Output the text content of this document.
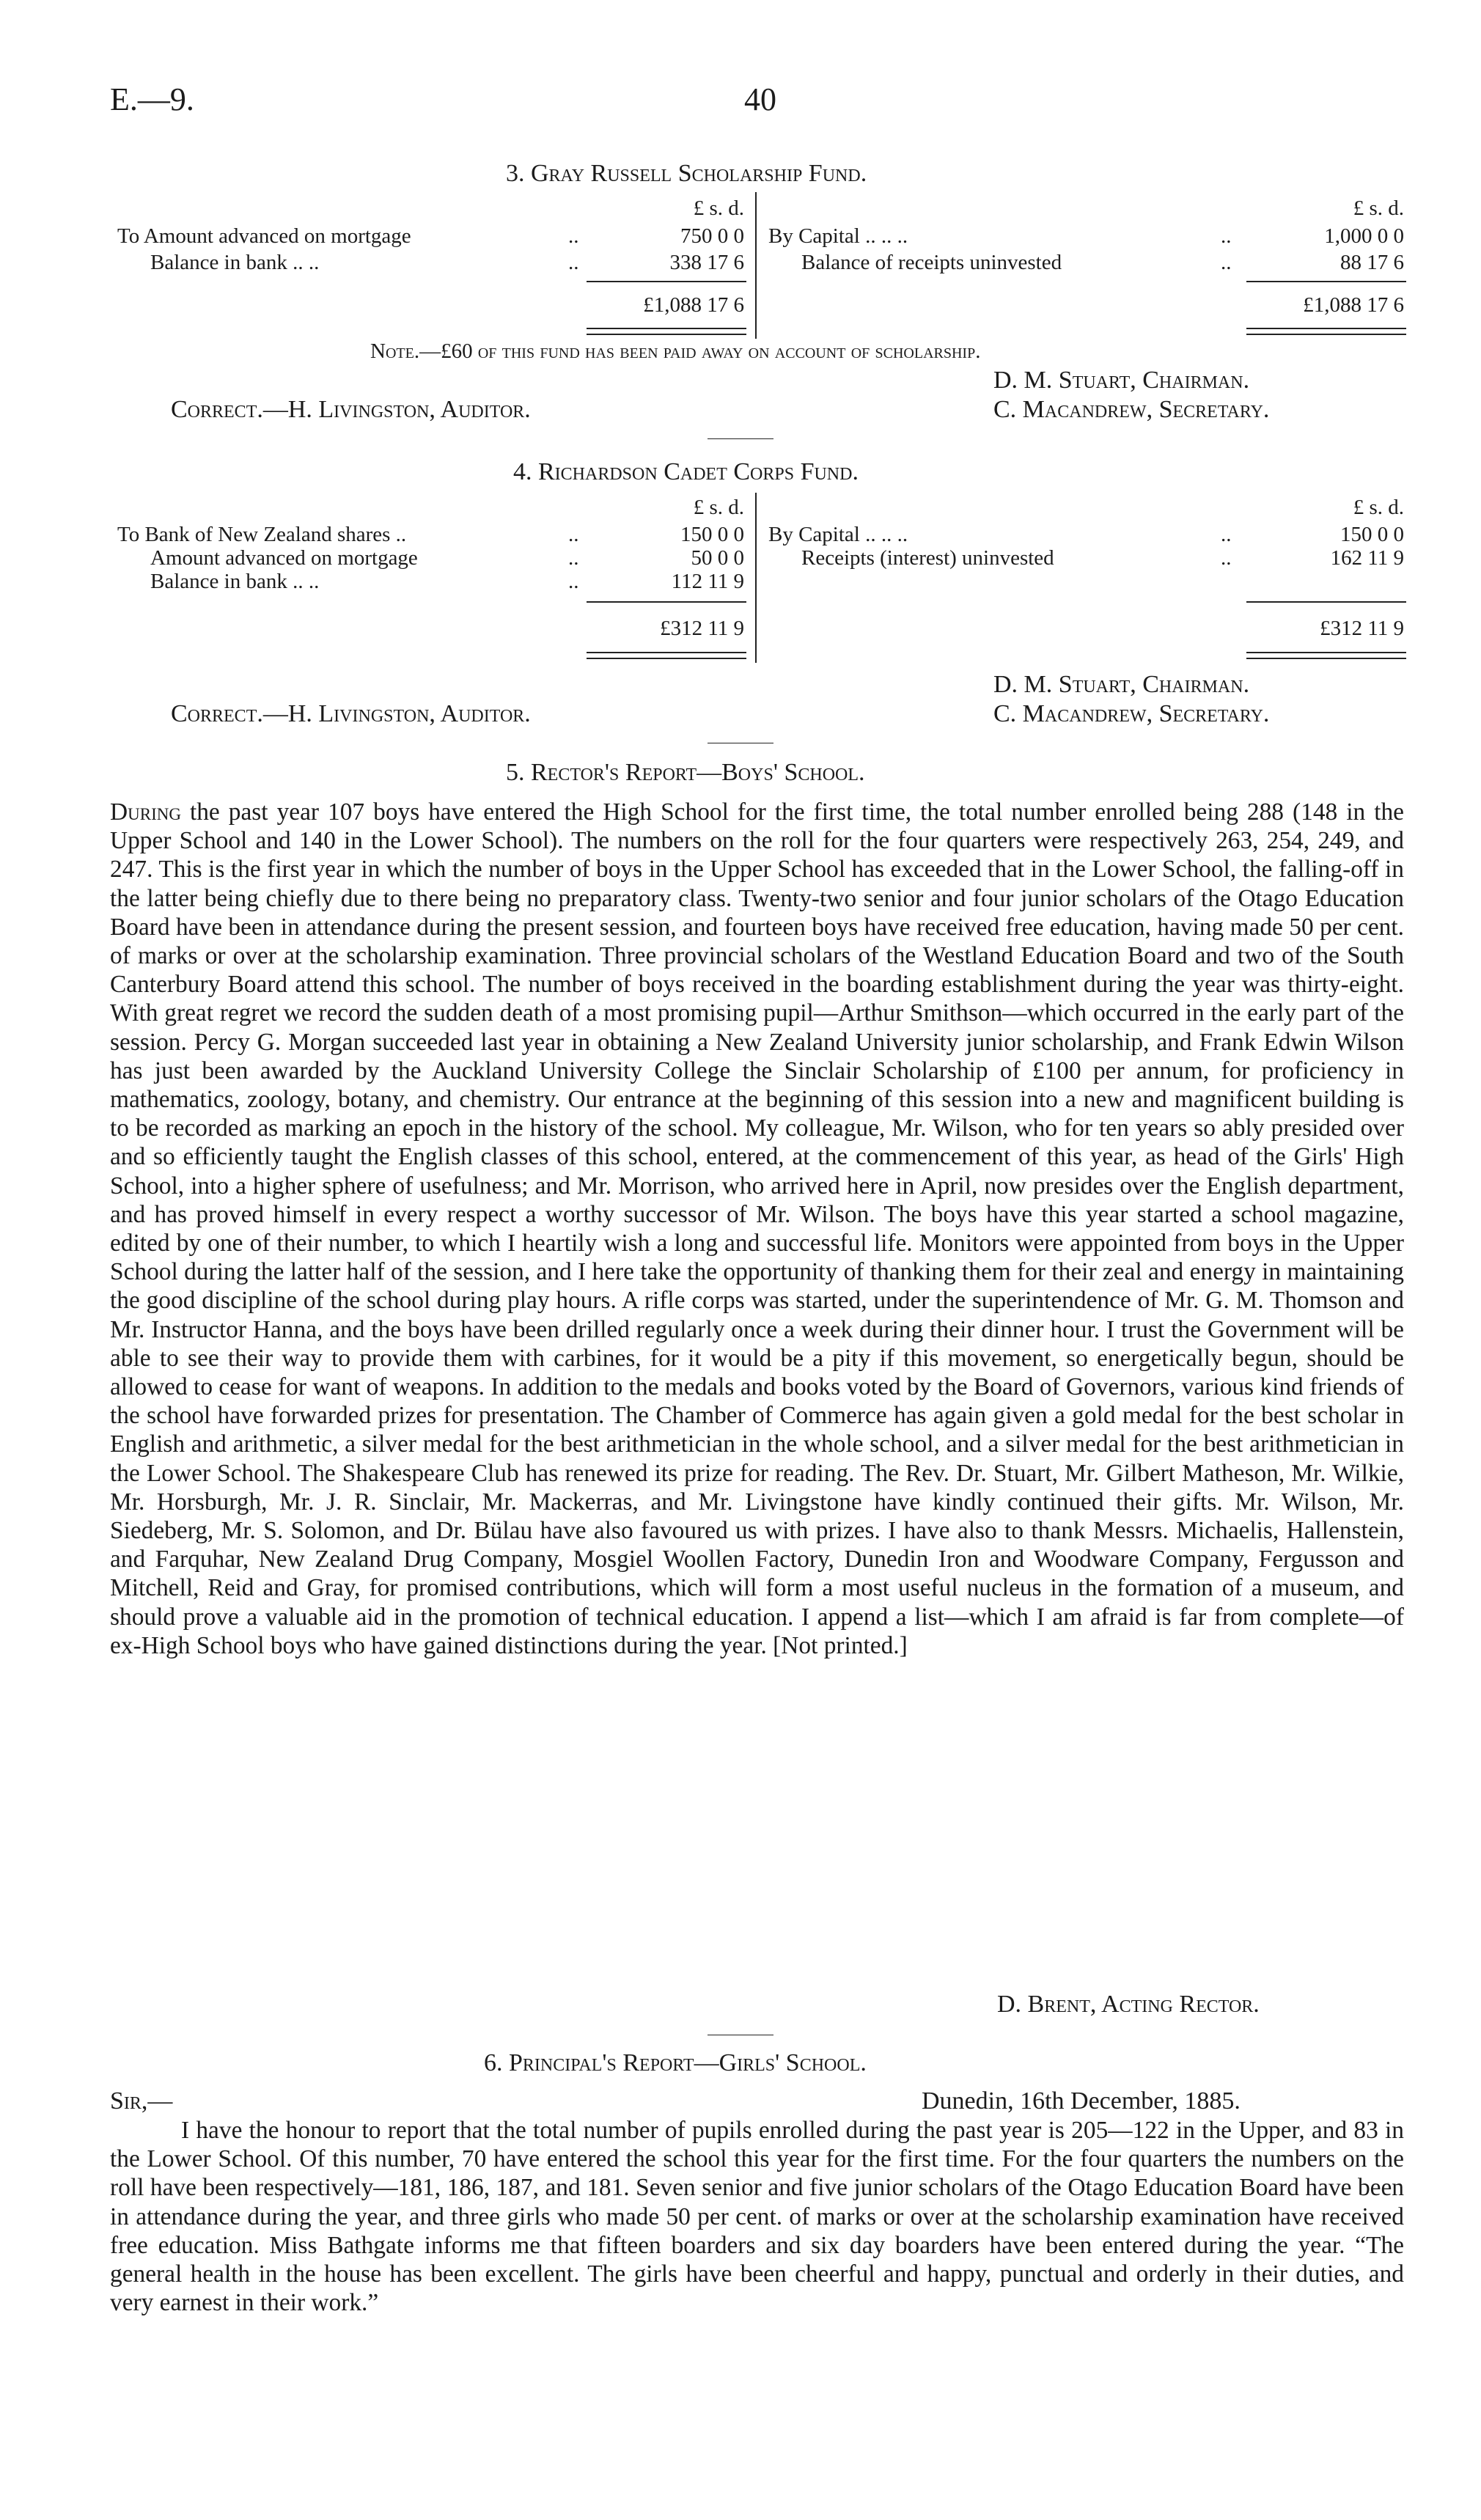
E.—9.	40
3. Gray Russell Scholarship Fund.
£ s. d.	£ s. d.
To Amount advanced on mortgage	..	750 0 0
Balance in bank .. ..	..	338 17 6
£1,088 17 6
By Capital .. .. ..	..	1,000 0 0
Balance of receipts uninvested	..	88 17 6
£1,088 17 6
Note.—£60 of this fund has been paid away on account of scholarship.
D. M. Stuart, Chairman.
Correct.—H. Livingston, Auditor.	C. Macandrew, Secretary.
4. Richardson Cadet Corps Fund.
£ s. d.	£ s. d.
To Bank of New Zealand shares ..	..	150 0 0
Amount advanced on mortgage	..	50 0 0
Balance in bank .. ..	..	112 11 9
£312 11 9
By Capital .. .. ..	..	150 0 0
Receipts (interest) uninvested	..	162 11 9
£312 11 9
D. M. Stuart, Chairman.
Correct.—H. Livingston, Auditor.	C. Macandrew, Secretary.
5. Rector's Report—Boys' School.

During the past year 107 boys have entered the High School for the first time, the total number enrolled being 288 (148 in the Upper School and 140 in the Lower School). The numbers on the roll for the four quarters were respectively 263, 254, 249, and 247. This is the first year in which the number of boys in the Upper School has exceeded that in the Lower School, the falling-off in the latter being chiefly due to there being no preparatory class. Twenty-two senior and four junior scholars of the Otago Education Board have been in attendance during the present session, and fourteen boys have received free education, having made 50 per cent. of marks or over at the scholarship examination. Three provincial scholars of the Westland Education Board and two of the South Canterbury Board attend this school. The number of boys received in the boarding establishment during the year was thirty-eight. With great regret we record the sudden death of a most promising pupil—Arthur Smithson—which occurred in the early part of the session. Percy G. Morgan succeeded last year in obtaining a New Zealand University junior scholarship, and Frank Edwin Wilson has just been awarded by the Auckland University College the Sinclair Scholarship of £100 per annum, for proficiency in mathematics, zoology, botany, and chemistry. Our entrance at the beginning of this session into a new and magnificent building is to be recorded as marking an epoch in the history of the school. My colleague, Mr. Wilson, who for ten years so ably presided over and so efficiently taught the English classes of this school, entered, at the commencement of this year, as head of the Girls' High School, into a higher sphere of usefulness; and Mr. Morrison, who arrived here in April, now presides over the English department, and has proved himself in every respect a worthy successor of Mr. Wilson. The boys have this year started a school magazine, edited by one of their number, to which I heartily wish a long and successful life. Monitors were appointed from boys in the Upper School during the latter half of the session, and I here take the opportunity of thanking them for their zeal and energy in maintaining the good discipline of the school during play hours. A rifle corps was started, under the superintendence of Mr. G. M. Thomson and Mr. Instructor Hanna, and the boys have been drilled regularly once a week during their dinner hour. I trust the Government will be able to see their way to provide them with carbines, for it would be a pity if this movement, so energetically begun, should be allowed to cease for want of weapons. In addition to the medals and books voted by the Board of Governors, various kind friends of the school have forwarded prizes for presentation. The Chamber of Commerce has again given a gold medal for the best scholar in English and arithmetic, a silver medal for the best arithmetician in the whole school, and a silver medal for the best arithmetician in the Lower School. The Shakespeare Club has renewed its prize for reading. The Rev. Dr. Stuart, Mr. Gilbert Matheson, Mr. Wilkie, Mr. Horsburgh, Mr. J. R. Sinclair, Mr. Mackerras, and Mr. Livingstone have kindly continued their gifts. Mr. Wilson, Mr. Siedeberg, Mr. S. Solomon, and Dr. Bülau have also favoured us with prizes. I have also to thank Messrs. Michaelis, Hallenstein, and Farquhar, New Zealand Drug Company, Mosgiel Woollen Factory, Dunedin Iron and Woodware Company, Fergusson and Mitchell, Reid and Gray, for promised contributions, which will form a most useful nucleus in the formation of a museum, and should prove a valuable aid in the promotion of technical education. I append a list—which I am afraid is far from complete—of ex-High School boys who have gained distinctions during the year. [Not printed.]

D. Brent, Acting Rector.
6. Principal's Report—Girls' School.
Sir,—	Dunedin, 16th December, 1885.

I have the honour to report that the total number of pupils enrolled during the past year is 205—122 in the Upper, and 83 in the Lower School. Of this number, 70 have entered the school this year for the first time. For the four quarters the numbers on the roll have been respectively—181, 186, 187, and 181. Seven senior and five junior scholars of the Otago Education Board have been in attendance during the year, and three girls who made 50 per cent. of marks or over at the scholarship examination have received free education. Miss Bathgate informs me that fifteen boarders and six day boarders have been entered during the year. “The general health in the house has been excellent. The girls have been cheerful and happy, punctual and orderly in their duties, and very earnest in their work.”
